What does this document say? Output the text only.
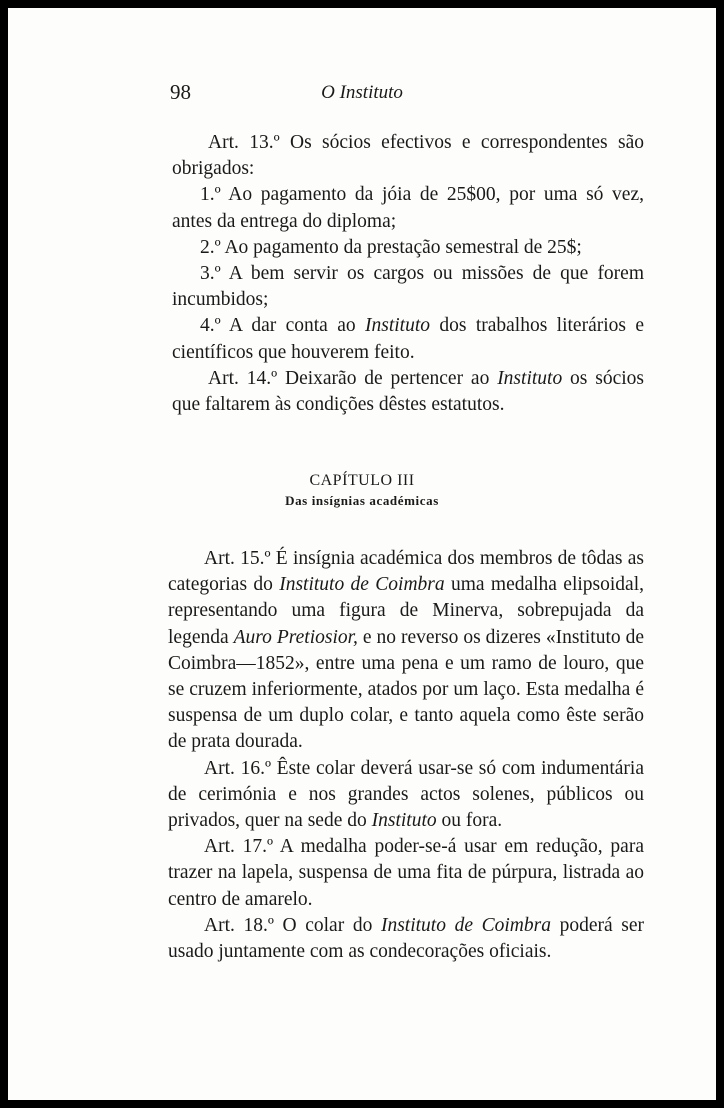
98	O Instituto

Art. 13.º Os sócios efectivos e correspondentes são obrigados:

1.º Ao pagamento da jóia de 25$00, por uma só vez, antes da entrega do diploma;

2.º Ao pagamento da prestação semestral de 25$;

3.º A bem servir os cargos ou missões de que forem incumbidos;

4.º A dar conta ao Instituto dos trabalhos literários e científicos que houverem feito.

Art. 14.º Deixarão de pertencer ao Instituto os sócios que faltarem às condições dêstes estatutos.

CAPÍTULO III
Das insígnias académicas

Art. 15.º É insígnia académica dos membros de tôdas as categorias do Instituto de Coimbra uma medalha elipsoidal, representando uma figura de Minerva, sobrepujada da legenda Auro Pretiosior, e no reverso os dizeres «Instituto de Coimbra—1852», entre uma pena e um ramo de louro, que se cruzem inferiormente, atados por um laço. Esta medalha é suspensa de um duplo colar, e tanto aquela como êste serão de prata dourada.

Art. 16.º Êste colar deverá usar-se só com indumentária de cerimónia e nos grandes actos solenes, públicos ou privados, quer na sede do Instituto ou fora.

Art. 17.º A medalha poder-se-á usar em redução, para trazer na lapela, suspensa de uma fita de púrpura, listrada ao centro de amarelo.

Art. 18.º O colar do Instituto de Coimbra poderá ser usado juntamente com as condecorações oficiais.
